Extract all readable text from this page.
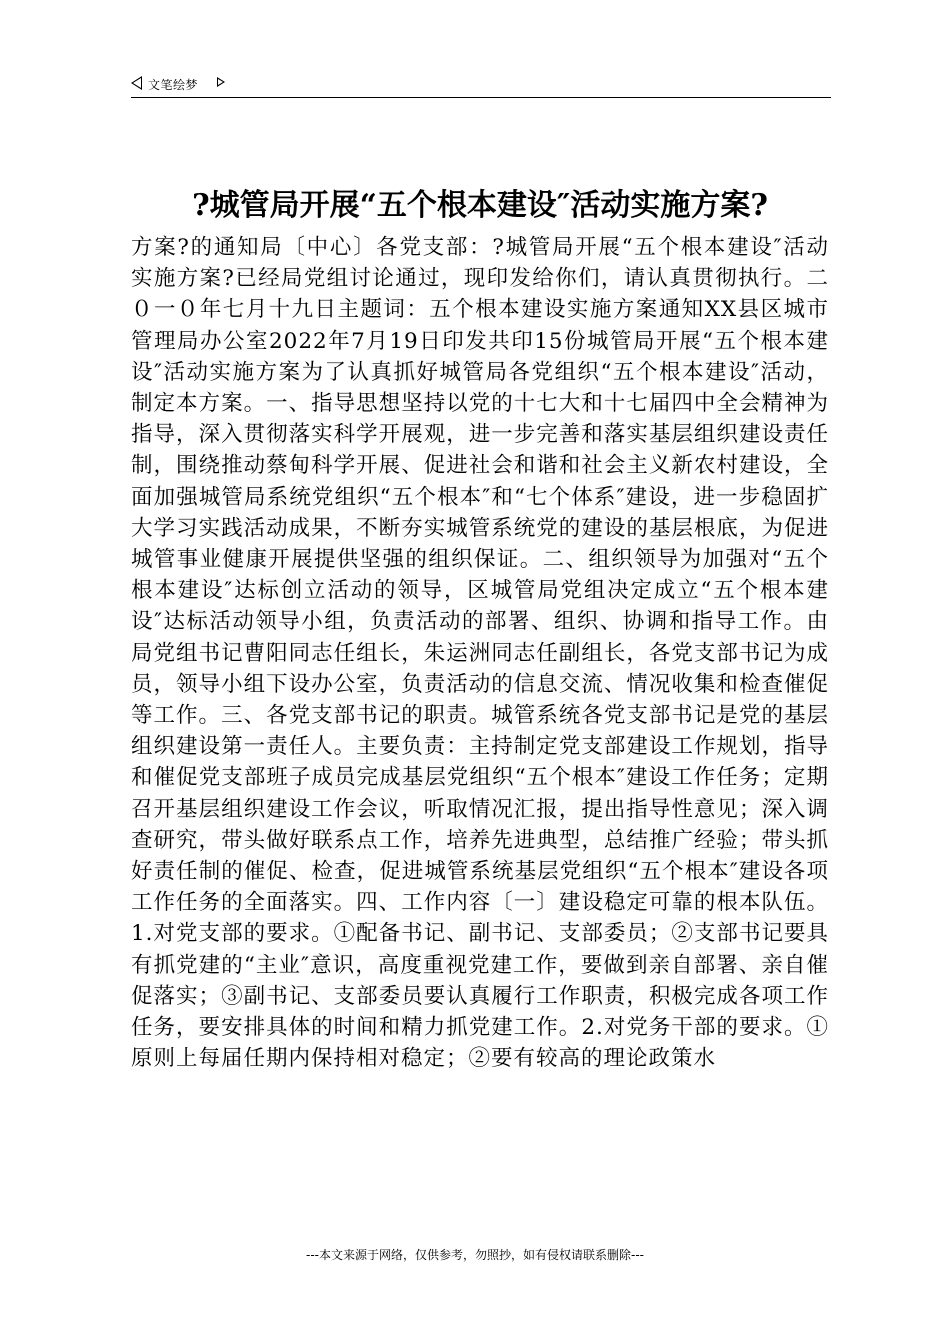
文笔绘梦
?城管局开展“五个根本建设″活动实施方案?
方案?的通知局〔中心〕各党支部：?城管局开展“五个根本建设″活动实施方案?已经局党组讨论通过，现印发给你们，请认真贯彻执行。二０一０年七月十九日主题词：五个根本建设实施方案通知XX县区城市管理局办公室2022年7月19日印发共印15份城管局开展“五个根本建设″活动实施方案为了认真抓好城管局各党组织“五个根本建设″活动，制定本方案。一、指导思想坚持以党的十七大和十七届四中全会精神为指导，深入贯彻落实科学开展观，进一步完善和落实基层组织建设责任制，围绕推动蔡甸科学开展、促进社会和谐和社会主义新农村建设，全面加强城管局系统党组织“五个根本″和“七个体系″建设，进一步稳固扩大学习实践活动成果，不断夯实城管系统党的建设的基层根底，为促进城管事业健康开展提供坚强的组织保证。二、组织领导为加强对“五个根本建设″达标创立活动的领导，区城管局党组决定成立“五个根本建设″达标活动领导小组，负责活动的部署、组织、协调和指导工作。由局党组书记曹阳同志任组长，朱运洲同志任副组长，各党支部书记为成员，领导小组下设办公室，负责活动的信息交流、情况收集和检查催促等工作。三、各党支部书记的职责。城管系统各党支部书记是党的基层组织建设第一责任人。主要负责：主持制定党支部建设工作规划，指导和催促党支部班子成员完成基层党组织“五个根本″建设工作任务；定期召开基层组织建设工作会议，听取情况汇报，提出指导性意见；深入调查研究，带头做好联系点工作，培养先进典型，总结推广经验；带头抓好责任制的催促、检查，促进城管系统基层党组织“五个根本″建设各项工作任务的全面落实。四、工作内容〔一〕建设稳定可靠的根本队伍。1.对党支部的要求。①配备书记、副书记、支部委员；②支部书记要具有抓党建的“主业″意识，高度重视党建工作，要做到亲自部署、亲自催促落实；③副书记、支部委员要认真履行工作职责，积极完成各项工作任务，要安排具体的时间和精力抓党建工作。2.对党务干部的要求。①原则上每届任期内保持相对稳定；②要有较高的理论政策水
---本文来源于网络，仅供参考，勿照抄，如有侵权请联系删除---
